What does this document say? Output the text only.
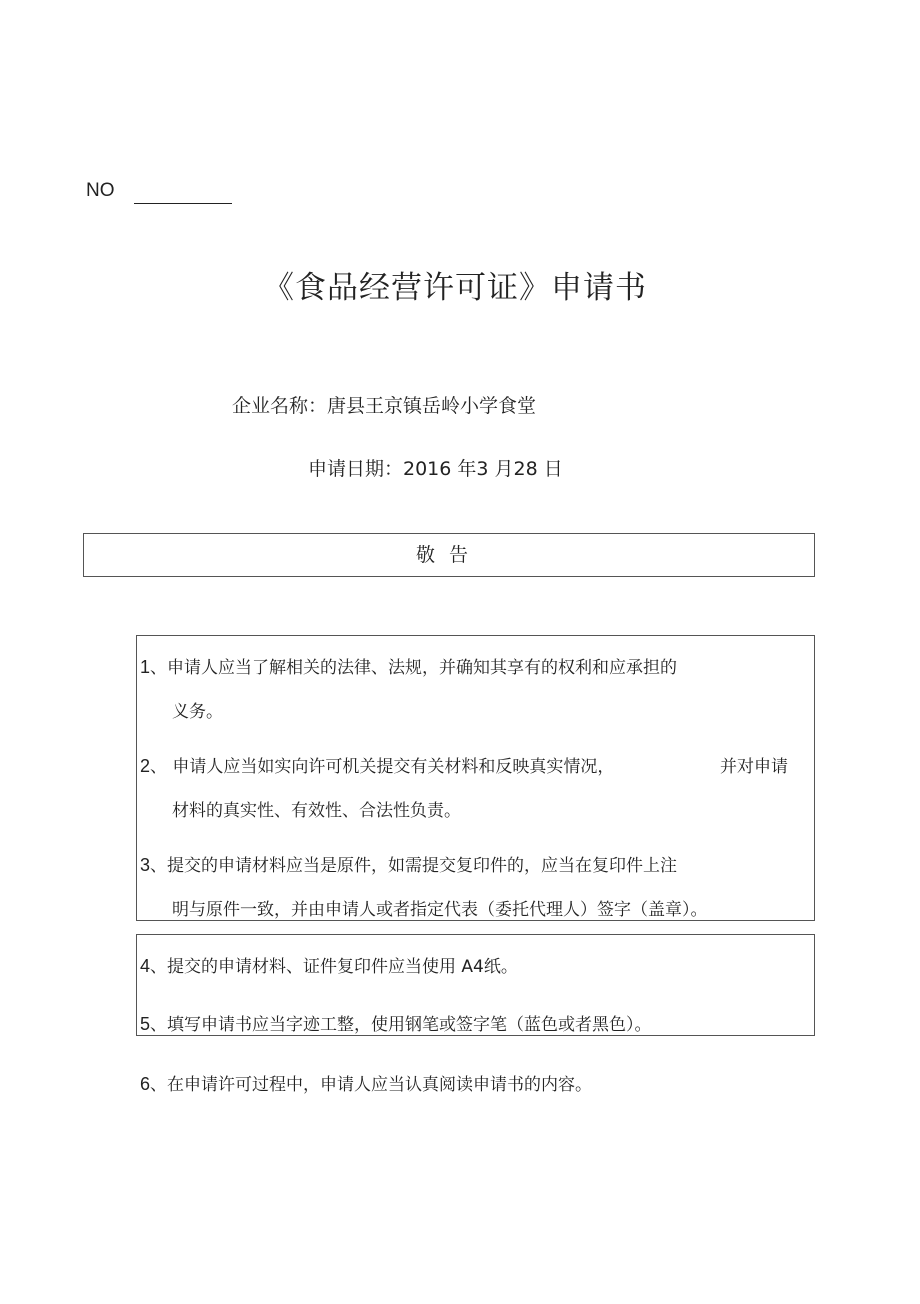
NO
《食品经营许可证》申请书
企业名称：唐县王京镇岳岭小学食堂
申请日期：2016 年3 月28 日
敬告
1、申请人应当了解相关的法律、法规，并确知其享有的权利和应承担的
义务。
2、 申请人应当如实向许可机关提交有关材料和反映真实情况，	并对申请
材料的真实性、有效性、合法性负责。
3、提交的申请材料应当是原件，如需提交复印件的，应当在复印件上注
明与原件一致，并由申请人或者指定代表（委托代理人）签字（盖章）。
4、提交的申请材料、证件复印件应当使用 A4纸。
5、填写申请书应当字迹工整，使用钢笔或签字笔（蓝色或者黑色）。
6、在申请许可过程中，申请人应当认真阅读申请书的内容。
